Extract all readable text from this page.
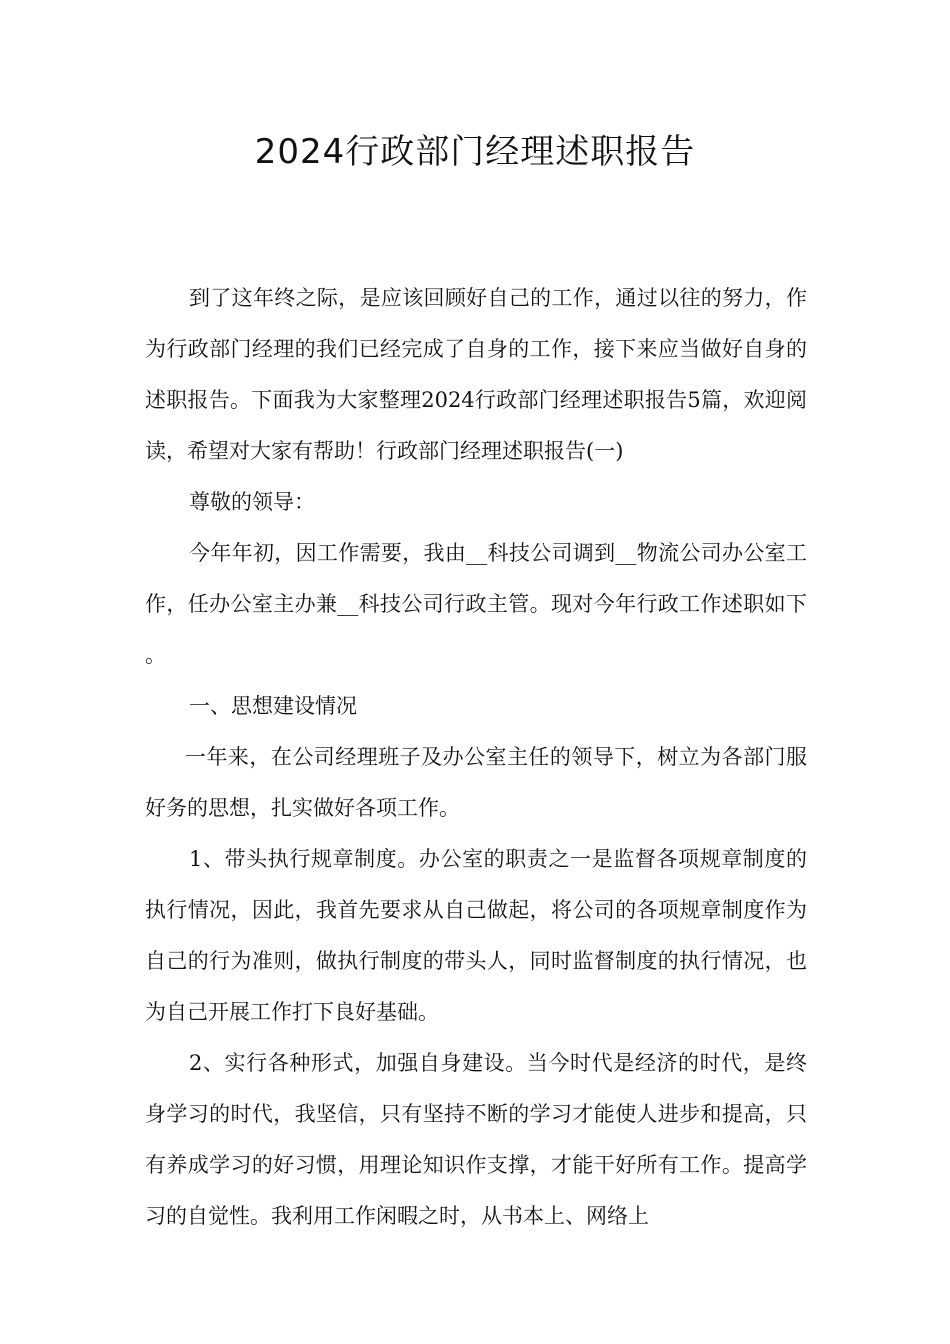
2024行政部门经理述职报告

到了这年终之际，是应该回顾好自己的工作，通过以往的努力，作为行政部门经理的我们已经完成了自身的工作，接下来应当做好自身的述职报告。下面我为大家整理2024行政部门经理述职报告5篇，欢迎阅读，希望对大家有帮助！行政部门经理述职报告(一)

尊敬的领导：

今年年初，因工作需要，我由__科技公司调到__物流公司办公室工作，任办公室主办兼__科技公司行政主管。现对今年行政工作述职如下。

一、思想建设情况

一年来，在公司经理班子及办公室主任的领导下，树立为各部门服好务的思想，扎实做好各项工作。

1、带头执行规章制度。办公室的职责之一是监督各项规章制度的执行情况，因此，我首先要求从自己做起，将公司的各项规章制度作为自己的行为准则，做执行制度的带头人，同时监督制度的执行情况，也为自己开展工作打下良好基础。

2、实行各种形式，加强自身建设。当今时代是经济的时代，是终身学习的时代，我坚信，只有坚持不断的学习才能使人进步和提高，只有养成学习的好习惯，用理论知识作支撑，才能干好所有工作。提高学习的自觉性。我利用工作闲暇之时，从书本上、网络上
